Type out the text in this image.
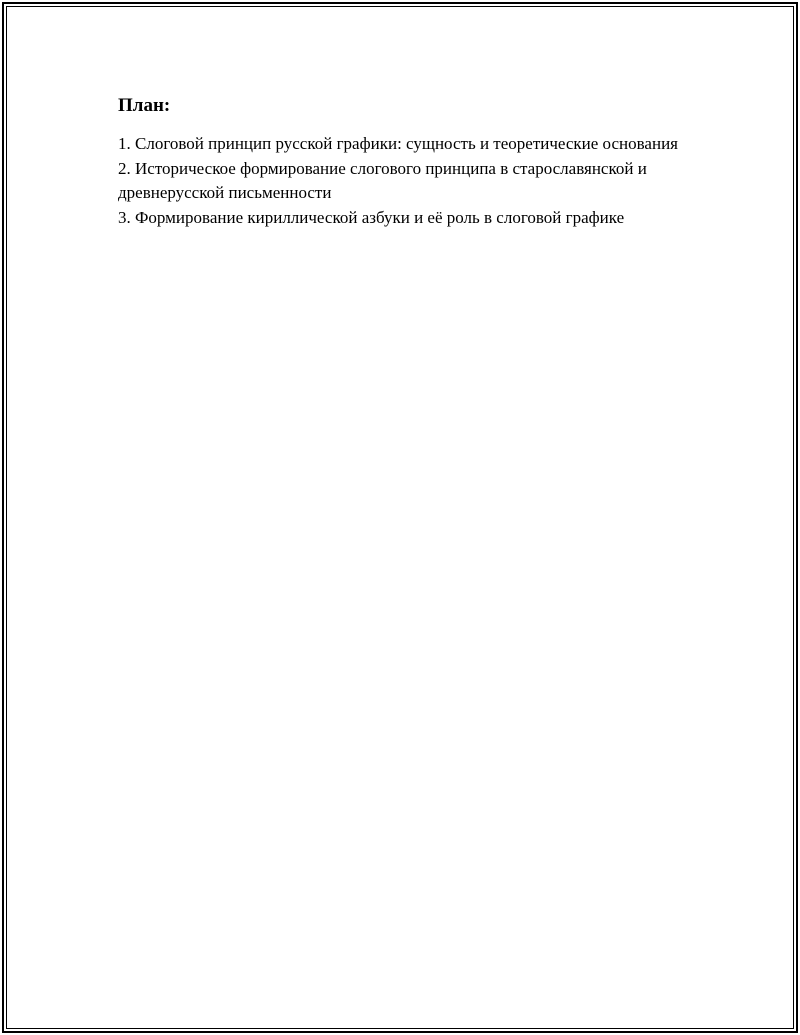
План:
1. Слоговой принцип русской графики: сущность и теоретические основания
2. Историческое формирование слогового принципа в старославянской и древнерусской письменности
3. Формирование кириллической азбуки и её роль в слоговой графике
